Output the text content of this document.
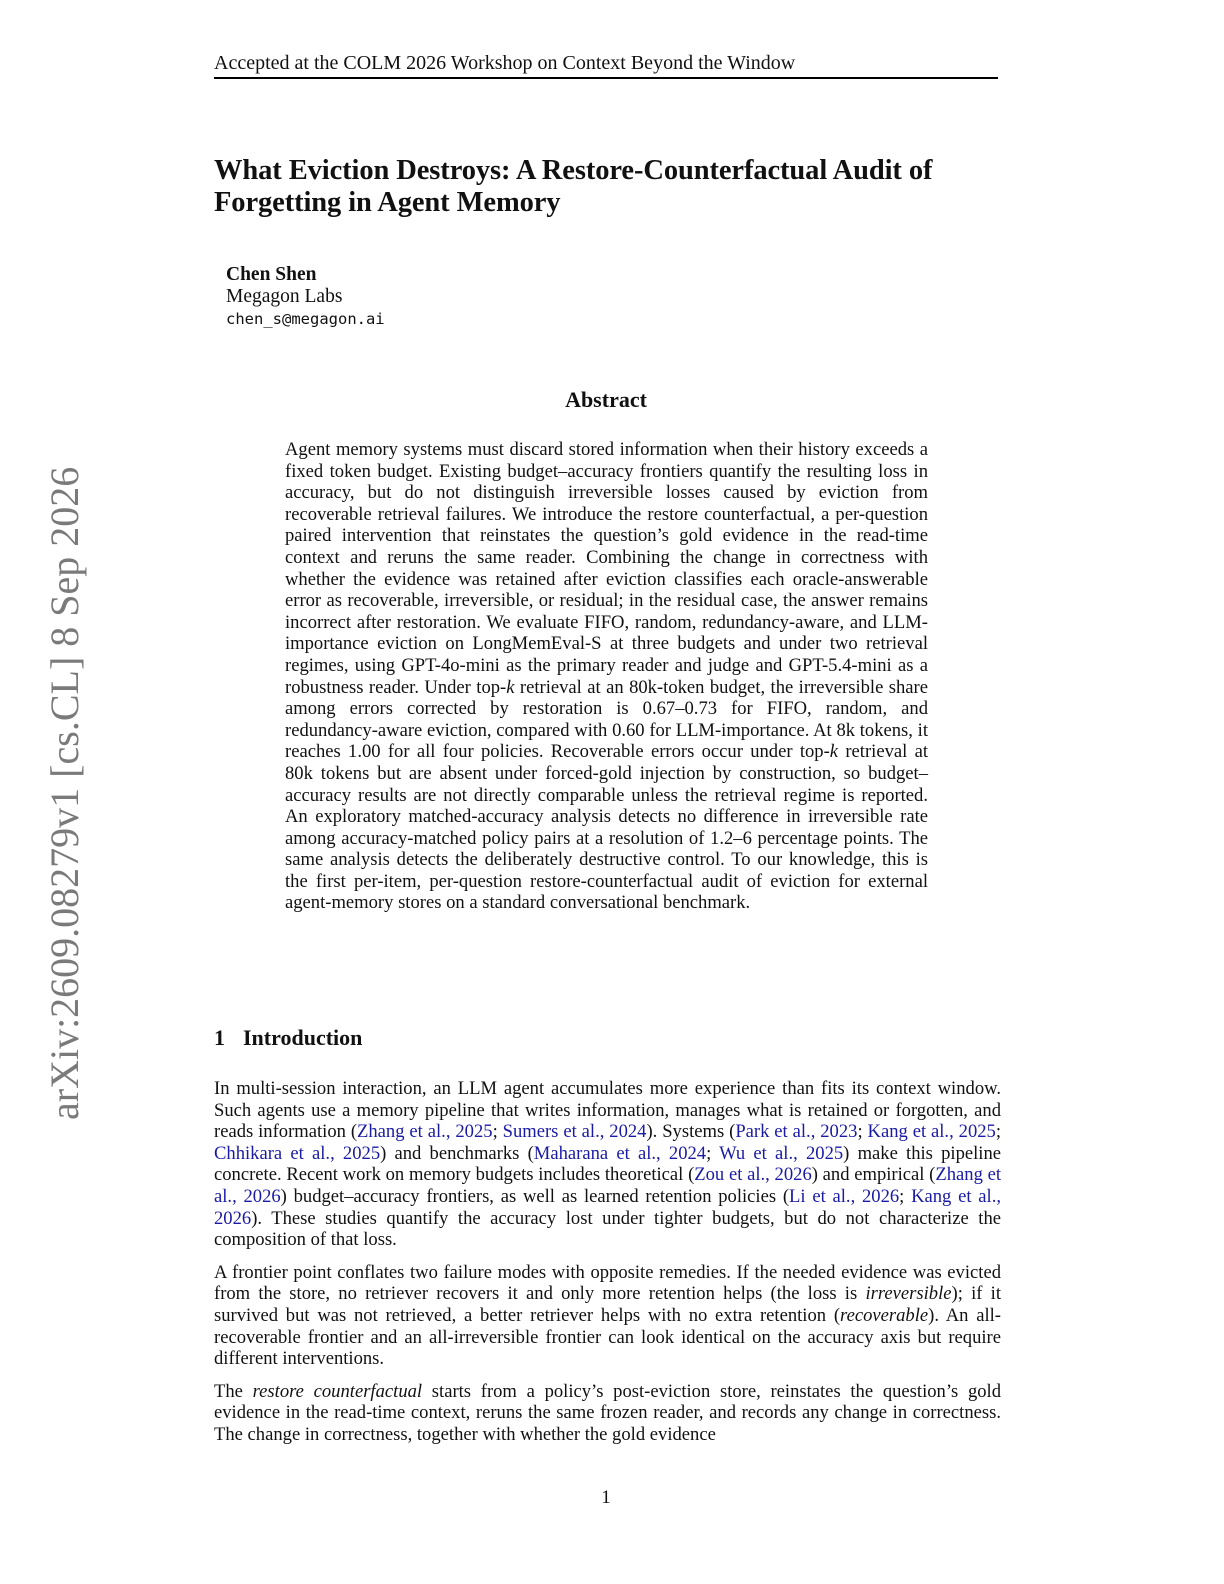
Accepted at the COLM 2026 Workshop on Context Beyond the Window
What Eviction Destroys: A Restore-Counterfactual Audit of Forgetting in Agent Memory
Chen Shen
Megagon Labs
chen_s@megagon.ai
Abstract
Agent memory systems must discard stored information when their history exceeds a fixed token budget. Existing budget–accuracy frontiers quantify the resulting loss in accuracy, but do not distinguish irreversible losses caused by eviction from recoverable retrieval failures. We introduce the restore counterfactual, a per-question paired intervention that reinstates the question’s gold evidence in the read-time context and reruns the same reader. Combining the change in correctness with whether the evidence was retained after eviction classifies each oracle-answerable error as recoverable, irreversible, or residual; in the residual case, the answer remains incorrect after restoration. We evaluate FIFO, random, redundancy-aware, and LLM-importance eviction on LongMemEval-S at three budgets and under two retrieval regimes, using GPT-4o-mini as the primary reader and judge and GPT-5.4-mini as a robustness reader. Under top-k retrieval at an 80k-token budget, the irreversible share among errors corrected by restoration is 0.67–0.73 for FIFO, random, and redundancy-aware eviction, compared with 0.60 for LLM-importance. At 8k tokens, it reaches 1.00 for all four policies. Recoverable errors occur under top-k retrieval at 80k tokens but are absent under forced-gold injection by construction, so budget–accuracy results are not directly comparable unless the retrieval regime is reported. An exploratory matched-accuracy analysis detects no difference in irreversible rate among accuracy-matched policy pairs at a resolution of 1.2–6 percentage points. The same analysis detects the deliberately destructive control. To our knowledge, this is the first per-item, per-question restore-counterfactual audit of eviction for external agent-memory stores on a standard conversational benchmark.
1 Introduction

In multi-session interaction, an LLM agent accumulates more experience than fits its context window. Such agents use a memory pipeline that writes information, manages what is retained or forgotten, and reads information (Zhang et al., 2025; Sumers et al., 2024). Systems (Park et al., 2023; Kang et al., 2025; Chhikara et al., 2025) and benchmarks (Maharana et al., 2024; Wu et al., 2025) make this pipeline concrete. Recent work on memory budgets includes theoretical (Zou et al., 2026) and empirical (Zhang et al., 2026) budget–accuracy frontiers, as well as learned retention policies (Li et al., 2026; Kang et al., 2026). These studies quantify the accuracy lost under tighter budgets, but do not characterize the composition of that loss.

A frontier point conflates two failure modes with opposite remedies. If the needed evidence was evicted from the store, no retriever recovers it and only more retention helps (the loss is irreversible); if it survived but was not retrieved, a better retriever helps with no extra retention (recoverable). An all-recoverable frontier and an all-irreversible frontier can look identical on the accuracy axis but require different interventions.

The restore counterfactual starts from a policy’s post-eviction store, reinstates the question’s gold evidence in the read-time context, reruns the same frozen reader, and records any change in correctness. The change in correctness, together with whether the gold evidence

arXiv:2609.08279v1 [cs.CL] 8 Sep 2026
1
